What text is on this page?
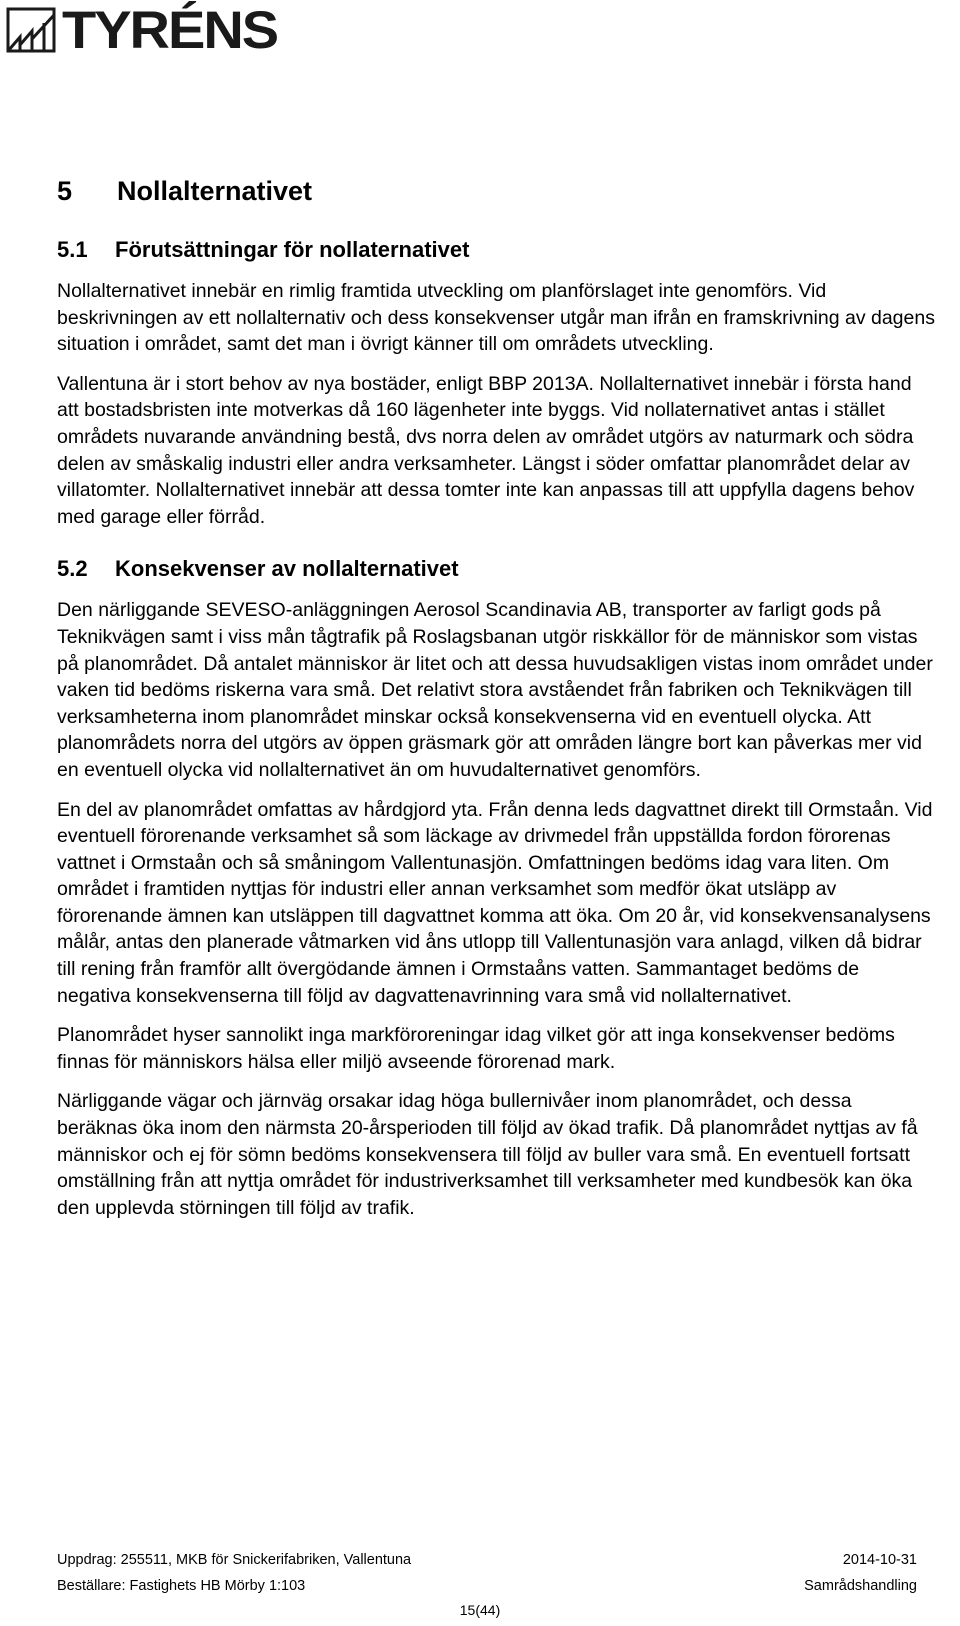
TYRÉNS
5 Nollalternativet
5.1 Förutsättningar för nollaternativet

Nollalternativet innebär en rimlig framtida utveckling om planförslaget inte genomförs. Vid beskrivningen av ett nollalternativ och dess konsekvenser utgår man ifrån en framskrivning av dagens situation i området, samt det man i övrigt känner till om områdets utveckling.

Vallentuna är i stort behov av nya bostäder, enligt BBP 2013A. Nollalternativet innebär i första hand att bostadsbristen inte motverkas då 160 lägenheter inte byggs. Vid nollaternativet antas i stället områdets nuvarande användning bestå, dvs norra delen av området utgörs av naturmark och södra delen av småskalig industri eller andra verksamheter. Längst i söder omfattar planområdet delar av villatomter. Nollalternativet innebär att dessa tomter inte kan anpassas till att uppfylla dagens behov med garage eller förråd.

5.2 Konsekvenser av nollalternativet

Den närliggande SEVESO-anläggningen Aerosol Scandinavia AB, transporter av farligt gods på Teknikvägen samt i viss mån tågtrafik på Roslagsbanan utgör riskkällor för de människor som vistas på planområdet. Då antalet människor är litet och att dessa huvudsakligen vistas inom området under vaken tid bedöms riskerna vara små. Det relativt stora avståendet från fabriken och Teknikvägen till verksamheterna inom planområdet minskar också konsekvenserna vid en eventuell olycka. Att planområdets norra del utgörs av öppen gräsmark gör att områden längre bort kan påverkas mer vid en eventuell olycka vid nollalternativet än om huvudalternativet genomförs.

En del av planområdet omfattas av hårdgjord yta. Från denna leds dagvattnet direkt till Ormstaån. Vid eventuell förorenande verksamhet så som läckage av drivmedel från uppställda fordon förorenas vattnet i Ormstaån och så småningom Vallentunasjön. Omfattningen bedöms idag vara liten. Om området i framtiden nyttjas för industri eller annan verksamhet som medför ökat utsläpp av förorenande ämnen kan utsläppen till dagvattnet komma att öka. Om 20 år, vid konsekvensanalysens målår, antas den planerade våtmarken vid åns utlopp till Vallentunasjön vara anlagd, vilken då bidrar till rening från framför allt övergödande ämnen i Ormstaåns vatten. Sammantaget bedöms de negativa konsekvenserna till följd av dagvattenavrinning vara små vid nollalternativet.

Planområdet hyser sannolikt inga markföroreningar idag vilket gör att inga konsekvenser bedöms finnas för människors hälsa eller miljö avseende förorenad mark.

Närliggande vägar och järnväg orsakar idag höga bullernivåer inom planområdet, och dessa beräknas öka inom den närmsta 20-årsperioden till följd av ökad trafik. Då planområdet nyttjas av få människor och ej för sömn bedöms konsekvensera till följd av buller vara små. En eventuell fortsatt omställning från att nyttja området för industriverksamhet till verksamheter med kundbesök kan öka den upplevda störningen till följd av trafik.

Uppdrag: 255511, MKB för Snickerifabriken, Vallentuna	2014-10-31
Beställare: Fastighets HB Mörby 1:103	Samrådshandling
15(44)
